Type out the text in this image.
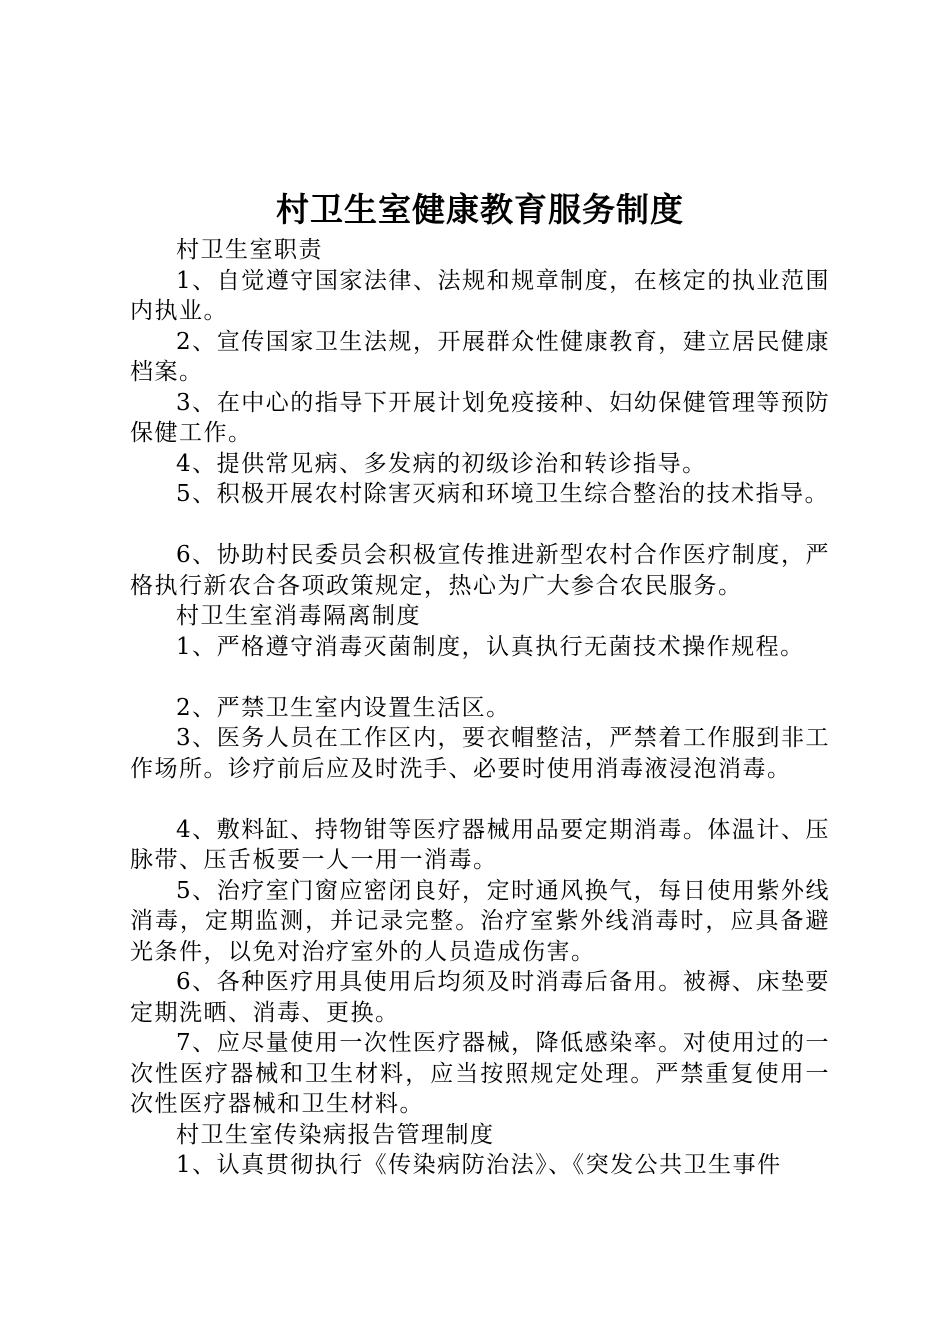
村卫生室健康教育服务制度

村卫生室职责

1、自觉遵守国家法律、法规和规章制度，在核定的执业范围内执业。

2、宣传国家卫生法规，开展群众性健康教育，建立居民健康档案。

3、在中心的指导下开展计划免疫接种、妇幼保健管理等预防保健工作。

4、提供常见病、多发病的初级诊治和转诊指导。

5、积极开展农村除害灭病和环境卫生综合整治的技术指导。

6、协助村民委员会积极宣传推进新型农村合作医疗制度，严格执行新农合各项政策规定，热心为广大参合农民服务。

村卫生室消毒隔离制度

1、严格遵守消毒灭菌制度，认真执行无菌技术操作规程。

2、严禁卫生室内设置生活区。

3、医务人员在工作区内，要衣帽整洁，严禁着工作服到非工作场所。诊疗前后应及时洗手、必要时使用消毒液浸泡消毒。

4、敷料缸、持物钳等医疗器械用品要定期消毒。体温计、压脉带、压舌板要一人一用一消毒。

5、治疗室门窗应密闭良好，定时通风换气，每日使用紫外线消毒，定期监测，并记录完整。治疗室紫外线消毒时，应具备避光条件，以免对治疗室外的人员造成伤害。

6、各种医疗用具使用后均须及时消毒后备用。被褥、床垫要定期洗晒、消毒、更换。

7、应尽量使用一次性医疗器械，降低感染率。对使用过的一次性医疗器械和卫生材料，应当按照规定处理。严禁重复使用一次性医疗器械和卫生材料。

村卫生室传染病报告管理制度

1、认真贯彻执行《传染病防治法》、《突发公共卫生事件
